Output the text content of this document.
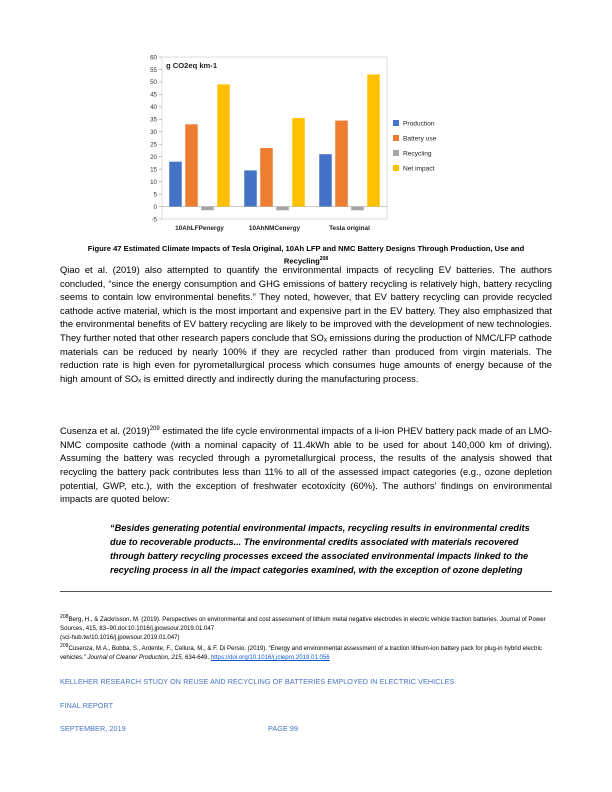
-5
0
5
10
15
20
25
30
35
40
45
50
55
60
g CO2eq km-1
10AhLFPenergy	10AhNMCenergy	Tesla original
Production
Battery use
Recycling
Net impact
Figure 47 Estimated Climate Impacts of Tesla Original, 10Ah LFP and NMC Battery Designs Through Production, Use and Recycling$^{208}$

Qiao et al. (2019) also attempted to quantify the environmental impacts of recycling EV batteries. The authors concluded, “since the energy consumption and GHG emissions of battery recycling is relatively high, battery recycling seems to contain low environmental benefits.” They noted, however, that EV battery recycling can provide recycled cathode active material, which is the most important and expensive part in the EV battery. They also emphasized that the environmental benefits of EV battery recycling are likely to be improved with the development of new technologies. They further noted that other research papers conclude that SOₓ emissions during the production of NMC/LFP cathode materials can be reduced by nearly 100% if they are recycled rather than produced from virgin materials. The reduction rate is high even for pyrometallurgical process which consumes huge amounts of energy because of the high amount of SOₓ is emitted directly and indirectly during the manufacturing process.

Cusenza et al. $(2019)^{209}$ estimated the life cycle environmental impacts of a li-ion PHEV battery pack made of an LMO-NMC composite cathode (with a nominal capacity of 11.4kWh able to be used for about 140,000 km of driving). Assuming the battery was recycled through a pyrometallurgical process, the results of the analysis showed that recycling the battery pack contributes less than 11% to all of the assessed impact categories (e.g., ozone depletion potential, GWP, etc.), with the exception of freshwater ecotoxicity (60%). The authors’ findings on environmental impacts are quoted below:

“Besides generating potential environmental impacts, recycling results in environmental credits due to recoverable products... The environmental credits associated with materials recovered through battery recycling processes exceed the associated environmental impacts linked to the recycling process in all the impact categories examined, with the exception of ozone depleting

$^{208}$Berg, H., & Zackrisson, M. (2019). Perspectives on environmental and cost assessment of lithium metal negative electrodes in electric vehicle traction batteries. Journal of Power Sources, 415, 83–90.doi:10.1016/j.jpowsour.2019.01.047
(sci-hub.tw/10.1016/j.jpowsour.2019.01.047)

$^{209}$Cusenza, M.A., Bobba, S., Ardente, F., Cellura, M., & F. Di Persio. (2019). “Energy and environmental assessment of a traction lithium-ion battery pack for plug-in hybrid electric vehicles.” Journal of Cleaner Production, 215, 634-649. https://doi.org/10.1016/j.jclepro.2019.01.056

KELLEHER RESEARCH STUDY ON REUSE AND RECYCLING OF BATTERIES EMPLOYED IN ELECTRIC VEHICLES
FINAL REPORT
SEPTEMBER, 2019	PAGE 99
